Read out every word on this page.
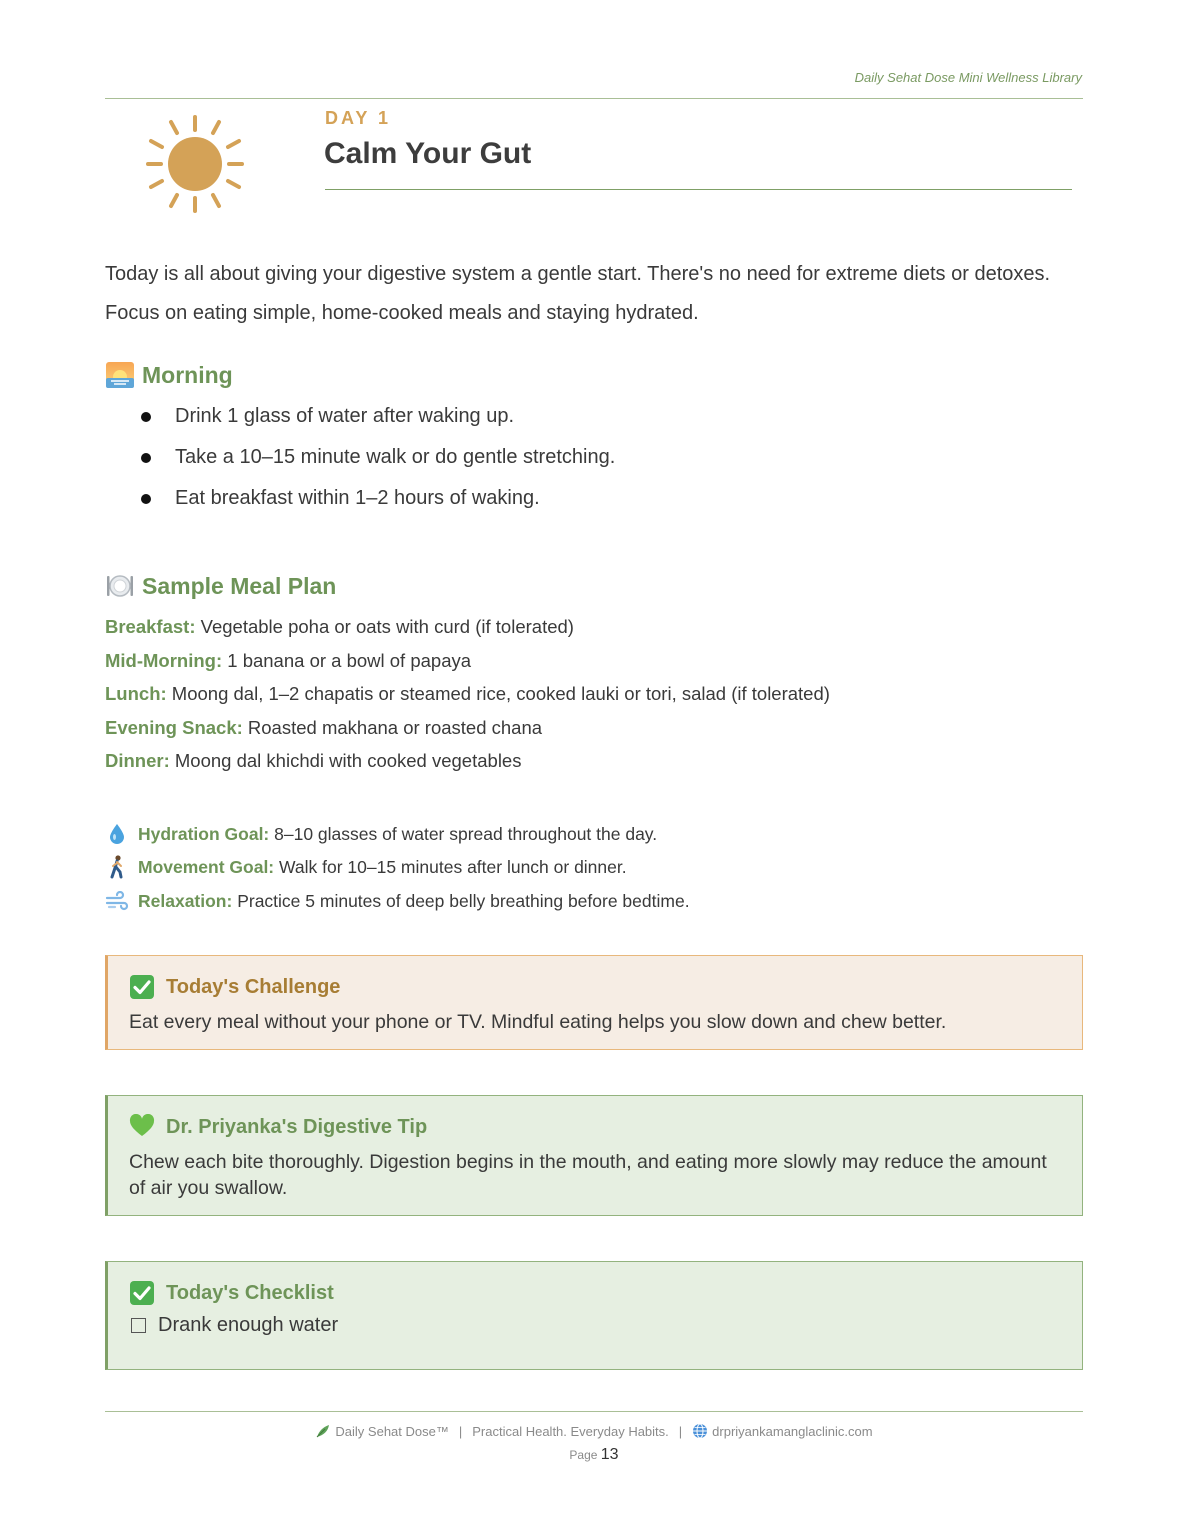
Daily Sehat Dose Mini Wellness Library
DAY 1
Calm Your Gut
Today is all about giving your digestive system a gentle start. There's no need for extreme diets or detoxes. Focus on eating simple, home-cooked meals and staying hydrated.
Morning
Drink 1 glass of water after waking up.
Take a 10–15 minute walk or do gentle stretching.
Eat breakfast within 1–2 hours of waking.
Sample Meal Plan
Breakfast: Vegetable poha or oats with curd (if tolerated)
Mid-Morning: 1 banana or a bowl of papaya
Lunch: Moong dal, 1–2 chapatis or steamed rice, cooked lauki or tori, salad (if tolerated)
Evening Snack: Roasted makhana or roasted chana
Dinner: Moong dal khichdi with cooked vegetables
Hydration Goal:
8–10 glasses of water spread throughout the day.
Movement Goal:
Walk for 10–15 minutes after lunch or dinner.
Relaxation:
Practice 5 minutes of deep belly breathing before bedtime.
Today's Challenge
Eat every meal without your phone or TV. Mindful eating helps you slow down and chew better.
Dr. Priyanka's Digestive Tip
Chew each bite thoroughly. Digestion begins in the mouth, and eating more slowly may reduce the amount of air you swallow.
Today's Checklist
Drank enough water
Daily Sehat Dose™ | Practical Health. Everyday Habits. | drpriyankamanglaclinic.com
Page 13
